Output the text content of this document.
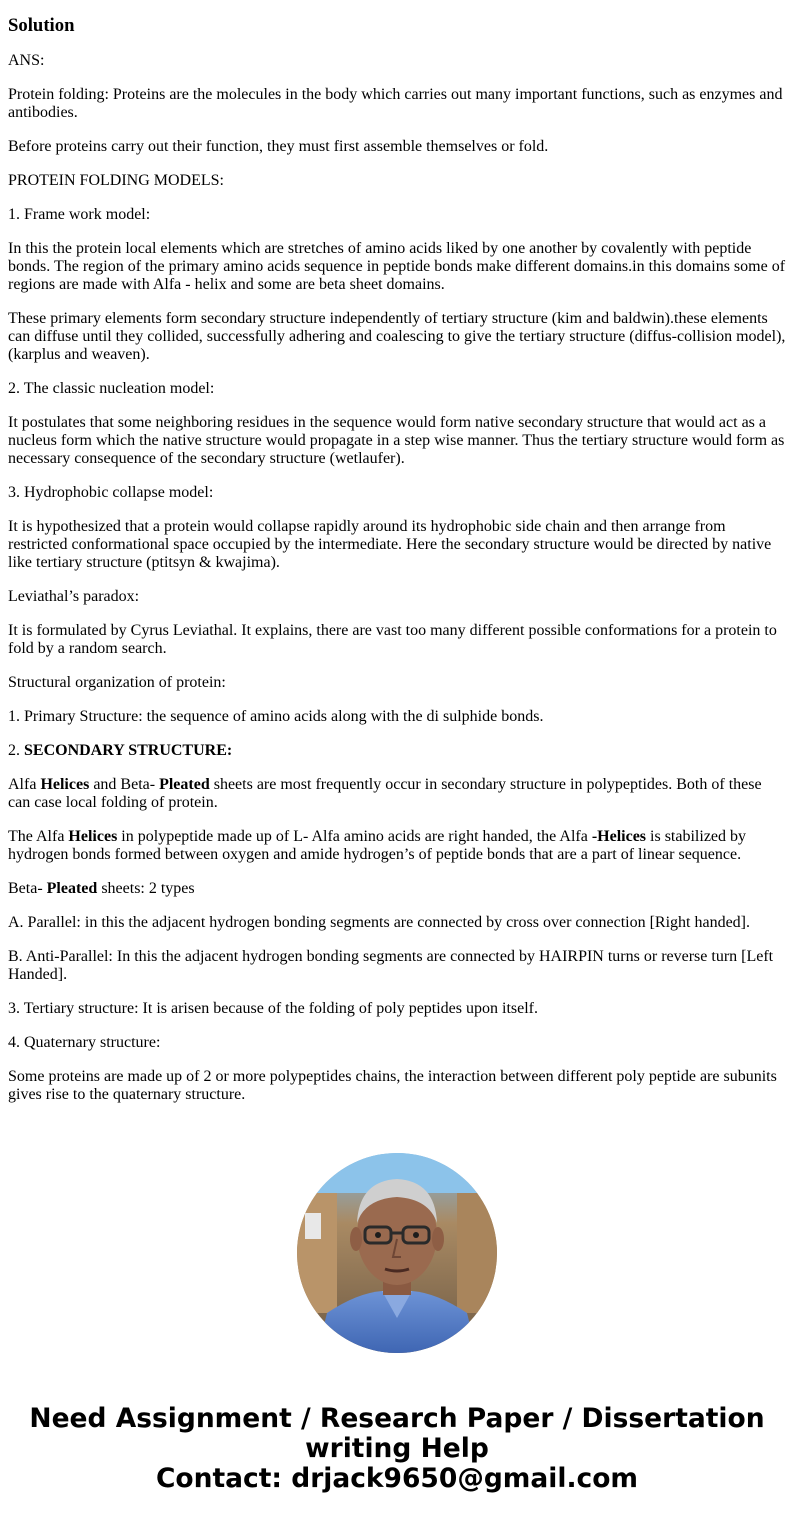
Solution

ANS:

Protein folding: Proteins are the molecules in the body which carries out many important functions, such as enzymes and antibodies.

Before proteins carry out their function, they must first assemble themselves or fold.

PROTEIN FOLDING MODELS:

1. Frame work model:

In this the protein local elements which are stretches of amino acids liked by one another by covalently with peptide bonds. The region of the primary amino acids sequence in peptide bonds make different domains.in this domains some of regions are made with Alfa - helix and some are beta sheet domains.

These primary elements form secondary structure independently of tertiary structure (kim and baldwin).these elements can diffuse until they collided, successfully adhering and coalescing to give the tertiary structure (diffus-collision model),(karplus and weaven).

2. The classic nucleation model:

It postulates that some neighboring residues in the sequence would form native secondary structure that would act as a nucleus form which the native structure would propagate in a step wise manner. Thus the tertiary structure would form as necessary consequence of the secondary structure (wetlaufer).

3. Hydrophobic collapse model:

It is hypothesized that a protein would collapse rapidly around its hydrophobic side chain and then arrange from restricted conformational space occupied by the intermediate. Here the secondary structure would be directed by native like tertiary structure (ptitsyn & kwajima).

Leviathal’s paradox:

It is formulated by Cyrus Leviathal. It explains, there are vast too many different possible conformations for a protein to fold by a random search.

Structural organization of protein:

1. Primary Structure: the sequence of amino acids along with the di sulphide bonds.

2. SECONDARY STRUCTURE:

Alfa Helices and Beta- Pleated sheets are most frequently occur in secondary structure in polypeptides. Both of these can case local folding of protein.

The Alfa Helices in polypeptide made up of L- Alfa amino acids are right handed, the Alfa -Helices is stabilized by hydrogen bonds formed between oxygen and amide hydrogen’s of peptide bonds that are a part of linear sequence.

Beta- Pleated sheets: 2 types

A. Parallel: in this the adjacent hydrogen bonding segments are connected by cross over connection [Right handed].

B. Anti-Parallel: In this the adjacent hydrogen bonding segments are connected by HAIRPIN turns or reverse turn [Left Handed].

3. Tertiary structure: It is arisen because of the folding of poly peptides upon itself.

4. Quaternary structure:

Some proteins are made up of 2 or more polypeptides chains, the interaction between different poly peptide are subunits gives rise to the quaternary structure.

Need Assignment / Research Paper / Dissertation
writing Help
Contact: drjack9650@gmail.com
